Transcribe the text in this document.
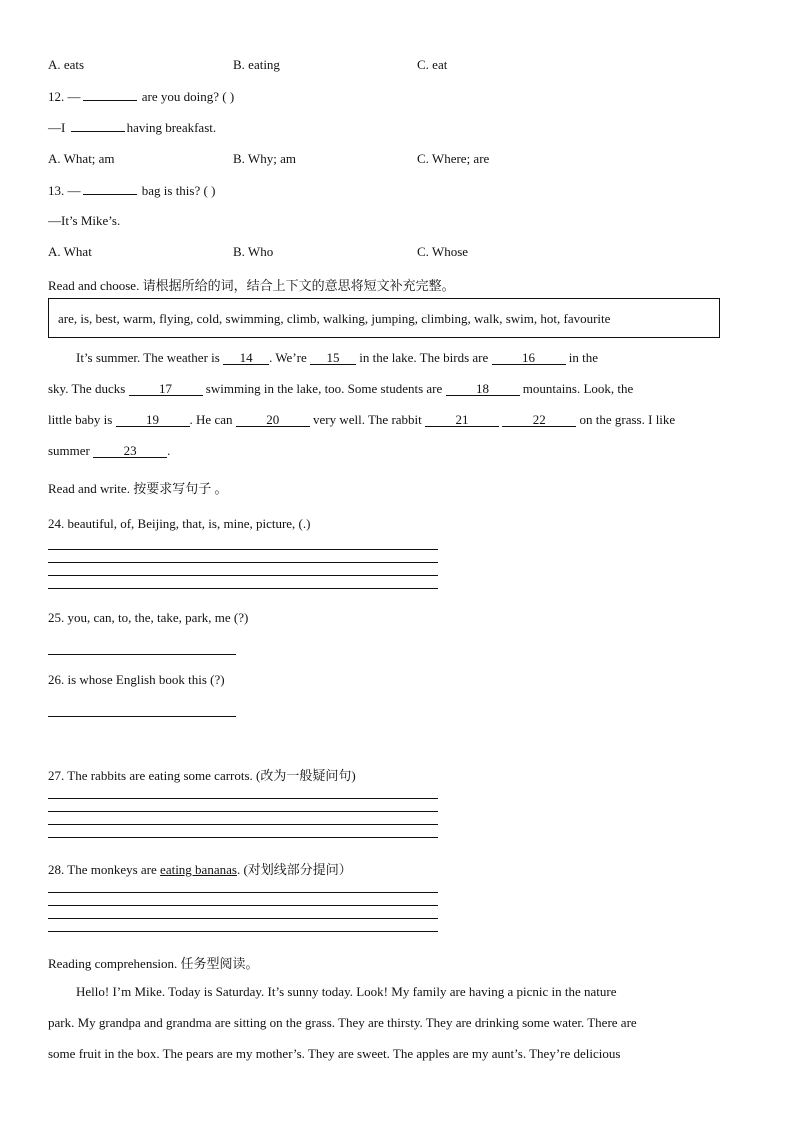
A. eats	B. eating	C. eat
12. —	are you doing? ( )
—I	having breakfast.
A. What; am	B. Why; am	C. Where; are
13. —	bag is this? ( )
—It’s Mike’s.
A. What	B. Who	C. Whose
Read and choose. 请根据所给的词，结合上下文的意思将短文补充完整。
are, is, best, warm, flying, cold, swimming, climb, walking, jumping, climbing, walk, swim, hot, favourite
It’s summer. The weather is 14 . We’re 15 in the lake. The birds are	16	in the
sky. The ducks	17	swimming in the lake, too. Some students are	18	mountains. Look, the
little baby is	19 . He can	20	very well. The rabbit	21	22	on the grass. I like
summer	23 .
Read and write. 按要求写句子 。
24. beautiful, of, Beijing, that, is, mine, picture, (.)
25. you, can, to, the, take, park, me (?)
26. is whose English book this (?)
27. The rabbits are eating some carrots. (改为一般疑问句)
28. The monkeys are eating bananas. (对划线部分提问）
Reading comprehension. 任务型阅读。
Hello! I’m Mike. Today is Saturday. It’s sunny today. Look! My family are having a picnic in the nature
park. My grandpa and grandma are sitting on the grass. They are thirsty. They are drinking some water. There are
some fruit in the box. The pears are my mother’s. They are sweet. The apples are my aunt’s. They’re delicious
